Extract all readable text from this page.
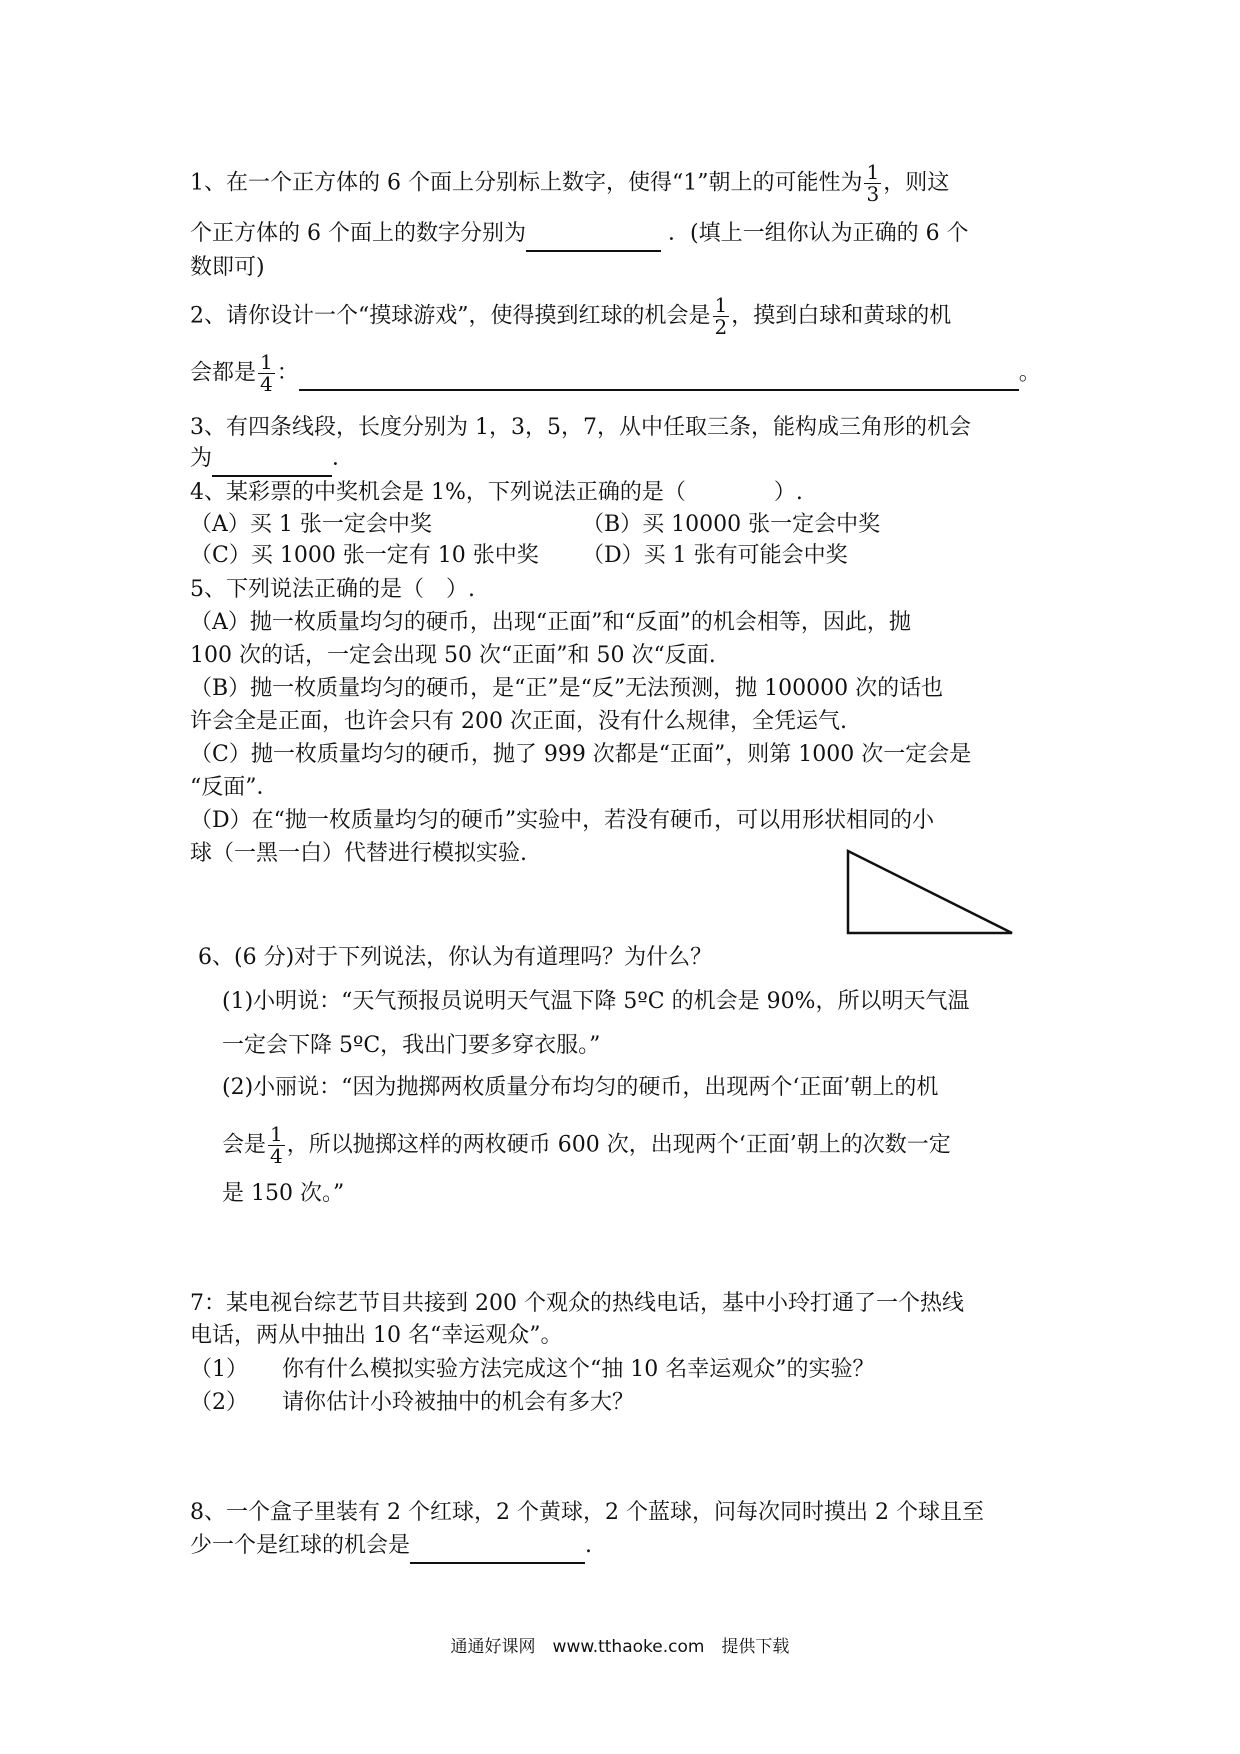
1、在一个正方体的 6 个面上分别标上数字，使得“1”朝上的可能性为 $\frac{1}{3}$ ，则这
个正方体的 6 个面上的数字分别为	．(填上一组你认为正确的 6 个
数即可)
2、请你设计一个“摸球游戏”，使得摸到红球的机会是 $\frac{1}{2}$ ，摸到白球和黄球的机
会都是 $\frac{1}{4}$ ：	。
3、有四条线段，长度分别为 1，3，5，7，从中任取三条，能构成三角形的机会
为	．
4、某彩票的中奖机会是 1%，下列说法正确的是（　　　　）.
（A）买 1 张一定会中奖	（B）买 10000 张一定会中奖
（C）买 1000 张一定有 10 张中奖 （D）买 1 张有可能会中奖
5、下列说法正确的是（　）.
（A）抛一枚质量均匀的硬币，出现“正面”和“反面”的机会相等，因此，抛
100 次的话，一定会出现 50 次“正面”和 50 次“反面.
（B）抛一枚质量均匀的硬币，是“正”是“反”无法预测，抛 100000 次的话也
许会全是正面，也许会只有 200 次正面，没有什么规律，全凭运气.
（C）抛一枚质量均匀的硬币，抛了 999 次都是“正面”，则第 1000 次一定会是
“反面”．
（D）在“抛一枚质量均匀的硬币”实验中，若没有硬币，可以用形状相同的小
球（一黑一白）代替进行模拟实验.
6、(6 分)对于下列说法，你认为有道理吗？为什么？
(1)小明说：“天气预报员说明天气温下降 5ºC 的机会是 90%，所以明天气温
一定会下降 5ºC，我出门要多穿衣服。”
(2)小丽说：“因为抛掷两枚质量分布均匀的硬币，出现两个‘正面’朝上的机
会是 $\frac{1}{4}$ ，所以抛掷这样的两枚硬币 600 次，出现两个‘正面’朝上的次数一定
是 150 次。”
7：某电视台综艺节目共接到 200 个观众的热线电话，基中小玲打通了一个热线
电话，两从中抽出 10 名“幸运观众”。
（1） 你有什么模拟实验方法完成这个“抽 10 名幸运观众”的实验？
（2） 请你估计小玲被抽中的机会有多大？
8、一个盒子里装有 2 个红球，2 个黄球，2 个蓝球，问每次同时摸出 2 个球且至
少一个是红球的机会是	.
通通好课网　www.tthaoke.com　提供下载
